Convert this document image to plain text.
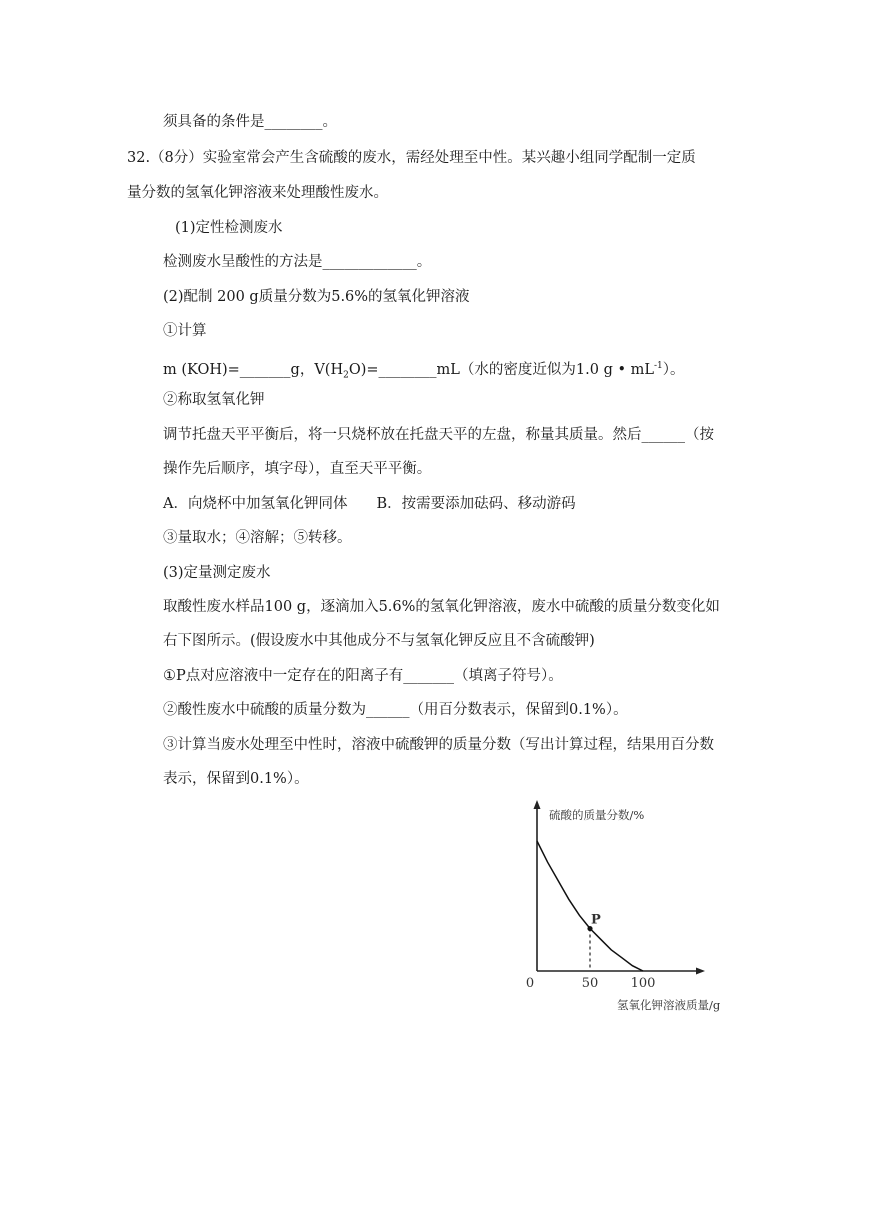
须具备的条件是________。
32.（8分）实验室常会产生含硫酸的废水，需经处理至中性。某兴趣小组同学配制一定质
量分数的氢氧化钾溶液来处理酸性废水。
(1)定性检测废水
检测废水呈酸性的方法是_____________。
(2)配制 200 g质量分数为5.6%的氢氧化钾溶液
①计算
m (KOH)=_______g，$V(H_2O)=\_\_\_\_\_\_\_\_mL$（水的密度近似为1.0 g • $mL^{-1}$）。
②称取氢氧化钾
调节托盘天平平衡后，将一只烧杯放在托盘天平的左盘，称量其质量。然后______（按
操作先后顺序，填字母），直至天平平衡。
A．向烧杯中加氢氧化钾同体　　B．按需要添加砝码、移动游码
③量取水；④溶解；⑤转移。
(3)定量测定废水
取酸性废水样品100 g，逐滴加入5.6%的氢氧化钾溶液，废水中硫酸的质量分数变化如
右下图所示。(假设废水中其他成分不与氢氧化钾反应且不含硫酸钾)
①P点对应溶液中一定存在的阳离子有_______（填离子符号）。
②酸性废水中硫酸的质量分数为______（用百分数表示，保留到0.1%）。
③计算当废水处理至中性时，溶液中硫酸钾的质量分数（写出计算过程，结果用百分数
表示，保留到0.1%）。
硫酸的质量分数/%
氢氧化钾溶液质量/g
0	50 100
P
